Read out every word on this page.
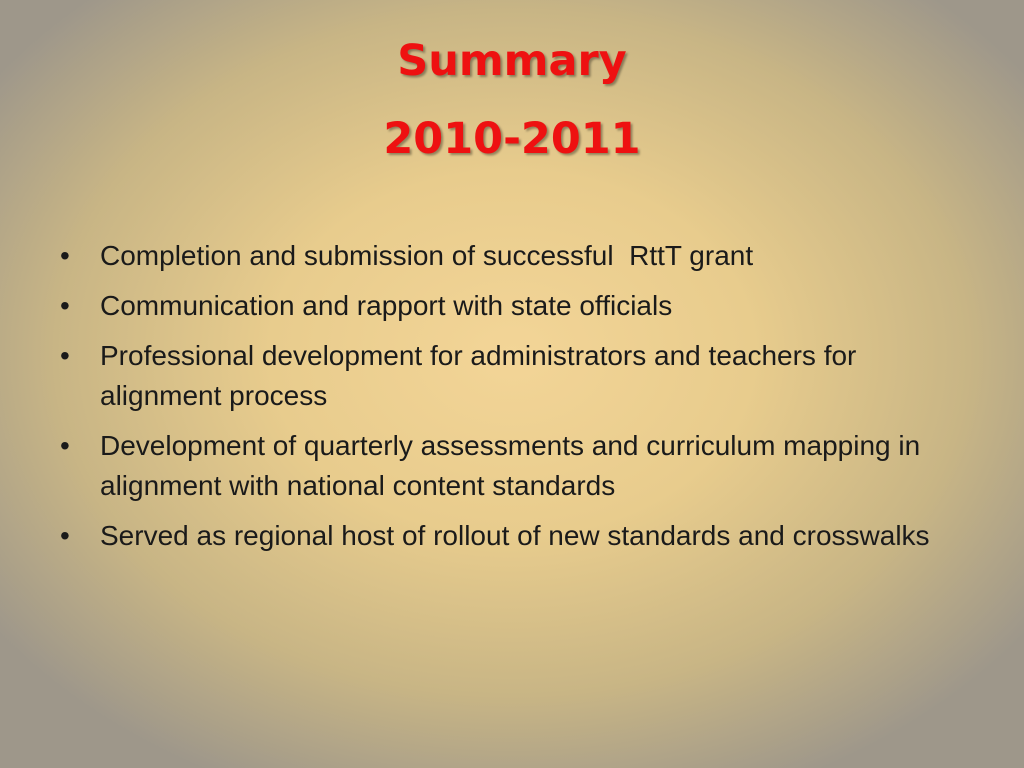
Summary
2010-2011
•	Completion and submission of successful  RttT grant
•	Communication and rapport with state officials
•	Professional development for administrators and teachers for alignment process
•	Development of quarterly assessments and curriculum mapping in alignment with national content standards
•	Served as regional host of rollout of new standards and crosswalks
